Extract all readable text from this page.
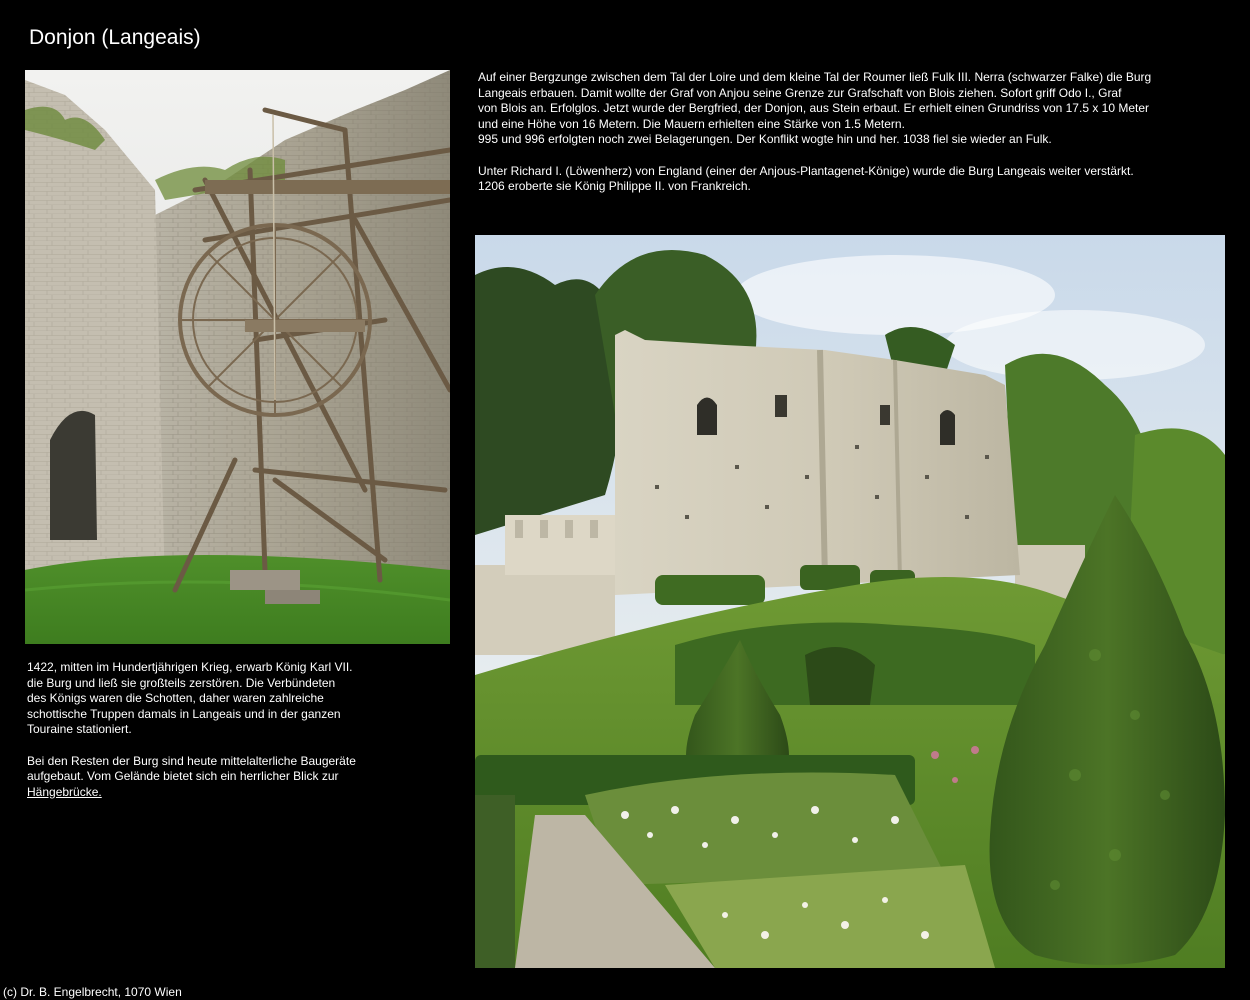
Donjon (Langeais)

Auf einer Bergzunge zwischen dem Tal der Loire und dem kleine Tal der Roumer ließ Fulk III. Nerra (schwarzer Falke) die Burg
Langeais erbauen. Damit wollte der Graf von Anjou seine Grenze zur Grafschaft von Blois ziehen. Sofort griff Odo I., Graf
von Blois an. Erfolglos. Jetzt wurde der Bergfried, der Donjon, aus Stein erbaut. Er erhielt einen Grundriss von 17.5 x 10 Meter
und eine Höhe von 16 Metern. Die Mauern erhielten eine Stärke von 1.5 Metern.
995 und 996 erfolgten noch zwei Belagerungen. Der Konflikt wogte hin und her. 1038 fiel sie wieder an Fulk.

Unter Richard I. (Löwenherz) von England (einer der Anjous-Plantagenet-Könige) wurde die Burg Langeais weiter verstärkt.
1206 eroberte sie König Philippe II. von Frankreich.

1422, mitten im Hundertjährigen Krieg, erwarb König Karl VII.
die Burg und ließ sie großteils zerstören. Die Verbündeten
des Königs waren die Schotten, daher waren zahlreiche
schottische Truppen damals in Langeais und in der ganzen
Touraine stationiert.

Bei den Resten der Burg sind heute mittelalterliche Baugeräte
aufgebaut. Vom Gelände bietet sich ein herrlicher Blick zur
Hängebrücke.

(c) Dr. B. Engelbrecht, 1070 Wien
